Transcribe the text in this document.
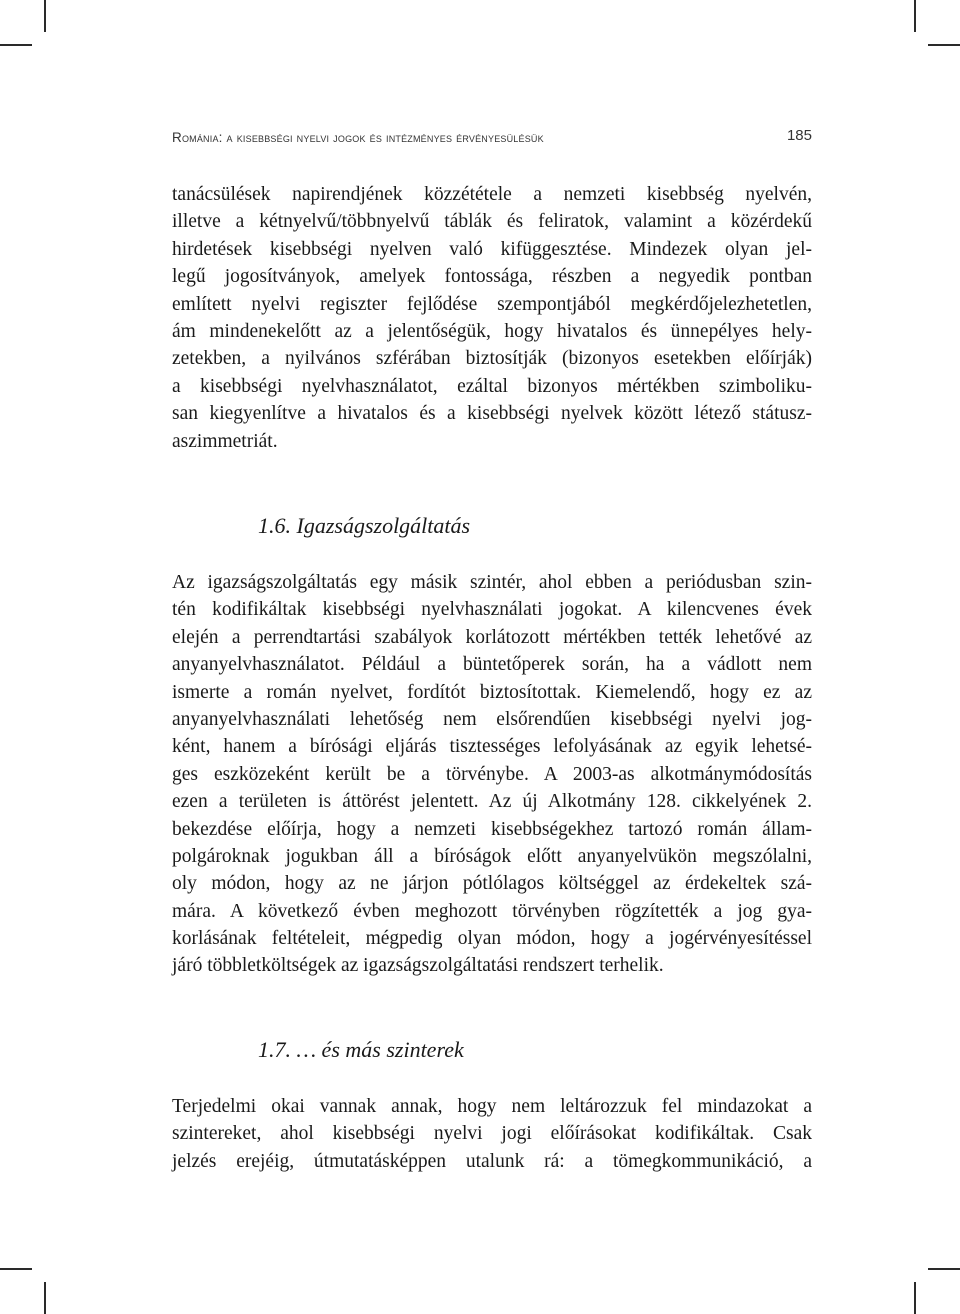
Románia: a kisebbségi nyelvi jogok és intézményes érvényesülésük	185
tanácsülések napirendjének közzététele a nemzeti kisebbség nyelvén,
illetve a kétnyelvű/többnyelvű táblák és feliratok, valamint a közérdekű
hirdetések kisebbségi nyelven való kifüggesztése. Mindezek olyan jel-
legű jogosítványok, amelyek fontossága, részben a negyedik pontban
említett nyelvi regiszter fejlődése szempontjából megkérdőjelezhetetlen,
ám mindenekelőtt az a jelentőségük, hogy hivatalos és ünnepélyes hely-
zetekben, a nyilvános szférában biztosítják (bizonyos esetekben előírják)
a kisebbségi nyelvhasználatot, ezáltal bizonyos mértékben szimboliku-
san kiegyenlítve a hivatalos és a kisebbségi nyelvek között létező státusz-
aszimmetriát.
1.6. Igazságszolgáltatás
Az igazságszolgáltatás egy másik szintér, ahol ebben a periódusban szin-
tén kodifikáltak kisebbségi nyelvhasználati jogokat. A kilencvenes évek
elején a perrendtartási szabályok korlátozott mértékben tették lehetővé az
anyanyelvhasználatot. Például a büntetőperek során, ha a vádlott nem
ismerte a román nyelvet, fordítót biztosítottak. Kiemelendő, hogy ez az
anyanyelvhasználati lehetőség nem elsőrendűen kisebbségi nyelvi jog-
ként, hanem a bírósági eljárás tisztességes lefolyásának az egyik lehetsé-
ges eszközeként került be a törvénybe. A 2003-as alkotmánymódosítás
ezen a területen is áttörést jelentett. Az új Alkotmány 128. cikkelyének 2.
bekezdése előírja, hogy a nemzeti kisebbségekhez tartozó román állam-
polgároknak jogukban áll a bíróságok előtt anyanyelvükön megszólalni,
oly módon, hogy az ne járjon pótlólagos költséggel az érdekeltek szá-
mára. A következő évben meghozott törvényben rögzítették a jog gya-
korlásának feltételeit, mégpedig olyan módon, hogy a jogérvényesítéssel
járó többletköltségek az igazságszolgáltatási rendszert terhelik.
1.7. … és más szinterek
Terjedelmi okai vannak annak, hogy nem leltározzuk fel mindazokat a
szintereket, ahol kisebbségi nyelvi jogi előírásokat kodifikáltak. Csak
jelzés erejéig, útmutatásképpen utalunk rá: a tömegkommunikáció, a
